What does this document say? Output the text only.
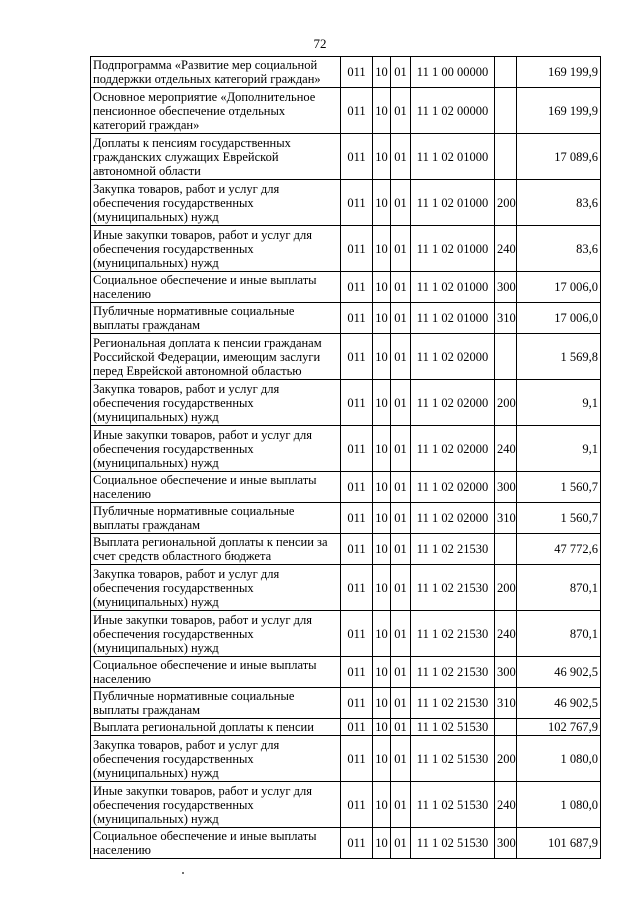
72
Подпрограмма «Развитие мер социальной поддержки отдельных категорий граждан»	011	10	01	11 1 00 00000		169 199,9
Основное мероприятие «Дополнительное пенсионное обеспечение отдельных категорий граждан»	011	10	01	11 1 02 00000		169 199,9
Доплаты к пенсиям государственных гражданских служащих Еврейской автономной области	011	10	01	11 1 02 01000		17 089,6
Закупка товаров, работ и услуг для обеспечения государственных (муниципальных) нужд	011	10	01	11 1 02 01000	200	83,6
Иные закупки товаров, работ и услуг для обеспечения государственных (муниципальных) нужд	011	10	01	11 1 02 01000	240	83,6
Социальное обеспечение и иные выплаты населению	011	10	01	11 1 02 01000	300	17 006,0
Публичные нормативные социальные выплаты гражданам	011	10	01	11 1 02 01000	310	17 006,0
Региональная доплата к пенсии гражданам Российской Федерации, имеющим заслуги перед Еврейской автономной областью	011	10	01	11 1 02 02000		1 569,8
Закупка товаров, работ и услуг для обеспечения государственных (муниципальных) нужд	011	10	01	11 1 02 02000	200	9,1
Иные закупки товаров, работ и услуг для обеспечения государственных (муниципальных) нужд	011	10	01	11 1 02 02000	240	9,1
Социальное обеспечение и иные выплаты населению	011	10	01	11 1 02 02000	300	1 560,7
Публичные нормативные социальные выплаты гражданам	011	10	01	11 1 02 02000	310	1 560,7
Выплата региональной доплаты к пенсии за счет средств областного бюджета	011	10	01	11 1 02 21530		47 772,6
Закупка товаров, работ и услуг для обеспечения государственных (муниципальных) нужд	011	10	01	11 1 02 21530	200	870,1
Иные закупки товаров, работ и услуг для обеспечения государственных (муниципальных) нужд	011	10	01	11 1 02 21530	240	870,1
Социальное обеспечение и иные выплаты населению	011	10	01	11 1 02 21530	300	46 902,5
Публичные нормативные социальные выплаты гражданам	011	10	01	11 1 02 21530	310	46 902,5
Выплата региональной доплаты к пенсии	011	10	01	11 1 02 51530		102 767,9
Закупка товаров, работ и услуг для обеспечения государственных (муниципальных) нужд	011	10	01	11 1 02 51530	200	1 080,0
Иные закупки товаров, работ и услуг для обеспечения государственных (муниципальных) нужд	011	10	01	11 1 02 51530	240	1 080,0
Социальное обеспечение и иные выплаты населению	011	10	01	11 1 02 51530	300	101 687,9
